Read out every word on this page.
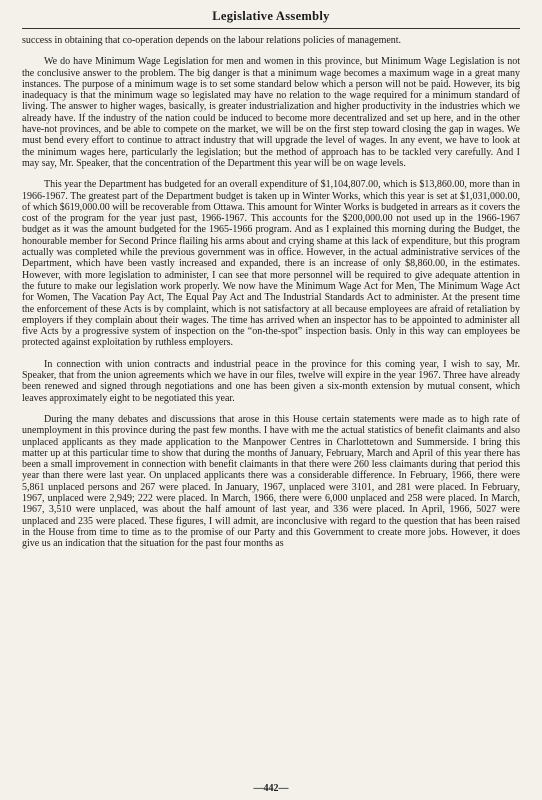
Legislative Assembly

success in obtaining that co-operation depends on the labour relations policies of management.

We do have Minimum Wage Legislation for men and women in this province, but Minimum Wage Legislation is not the conclusive answer to the problem. The big danger is that a minimum wage becomes a maximum wage in a great many instances. The purpose of a minimum wage is to set some standard below which a person will not be paid. However, its big inadequacy is that the minimum wage so legislated may have no relation to the wage required for a minimum standard of living. The answer to higher wages, basically, is greater industrialization and higher productivity in the industries which we already have. If the industry of the nation could be induced to become more decentralized and set up here, and in the other have-not provinces, and be able to compete on the market, we will be on the first step toward closing the gap in wages. We must bend every effort to continue to attract industry that will upgrade the level of wages. In any event, we have to look at the minimum wages here, particularly the legislation; but the method of approach has to be tackled very carefully. And I may say, Mr. Speaker, that the concentration of the Department this year will be on wage levels.

This year the Department has budgeted for an overall expenditure of $1,104,807.00, which is $13,860.00, more than in 1966-1967. The greatest part of the Department budget is taken up in Winter Works, which this year is set at $1,031,000.00, of which $619,000.00 will be recoverable from Ottawa. This amount for Winter Works is budgeted in arrears as it covers the cost of the program for the year just past, 1966-1967. This accounts for the $200,000.00 not used up in the 1966-1967 budget as it was the amount budgeted for the 1965-1966 program. And as I explained this morning during the Budget, the honourable member for Second Prince flailing his arms about and crying shame at this lack of expenditure, but this program actually was completed while the previous government was in office. However, in the actual administrative services of the Department, which have been vastly increased and expanded, there is an increase of only $8,860.00, in the estimates. However, with more legislation to administer, I can see that more personnel will be required to give adequate attention in the future to make our legislation work properly. We now have the Minimum Wage Act for Men, The Minimum Wage Act for Women, The Vacation Pay Act, The Equal Pay Act and The Industrial Standards Act to administer. At the present time the enforcement of these Acts is by complaint, which is not satisfactory at all because employees are afraid of retaliation by employers if they complain about their wages. The time has arrived when an inspector has to be appointed to administer all five Acts by a progressive system of inspection on the “on-the-spot” inspection basis. Only in this way can employees be protected against exploitation by ruthless employers.

In connection with union contracts and industrial peace in the province for this coming year, I wish to say, Mr. Speaker, that from the union agreements which we have in our files, twelve will expire in the year 1967. Three have already been renewed and signed through negotiations and one has been given a six-month extension by mutual consent, which leaves approximately eight to be negotiated this year.

During the many debates and discussions that arose in this House certain statements were made as to high rate of unemployment in this province during the past few months. I have with me the actual statistics of benefit claimants and also unplaced applicants as they made application to the Manpower Centres in Charlottetown and Summerside. I bring this matter up at this particular time to show that during the months of January, February, March and April of this year there has been a small improvement in connection with benefit claimants in that there were 260 less claimants during that period this year than there were last year. On unplaced applicants there was a considerable difference. In February, 1966, there were 5,861 unplaced persons and 267 were placed. In January, 1967, unplaced were 3101, and 281 were placed. In February, 1967, unplaced were 2,949; 222 were placed. In March, 1966, there were 6,000 unplaced and 258 were placed. In March, 1967, 3,510 were unplaced, was about the half amount of last year, and 336 were placed. In April, 1966, 5027 were unplaced and 235 were placed. These figures, I will admit, are inconclusive with regard to the question that has been raised in the House from time to time as to the promise of our Party and this Government to create more jobs. However, it does give us an indication that the situation for the past four months as

—442—
